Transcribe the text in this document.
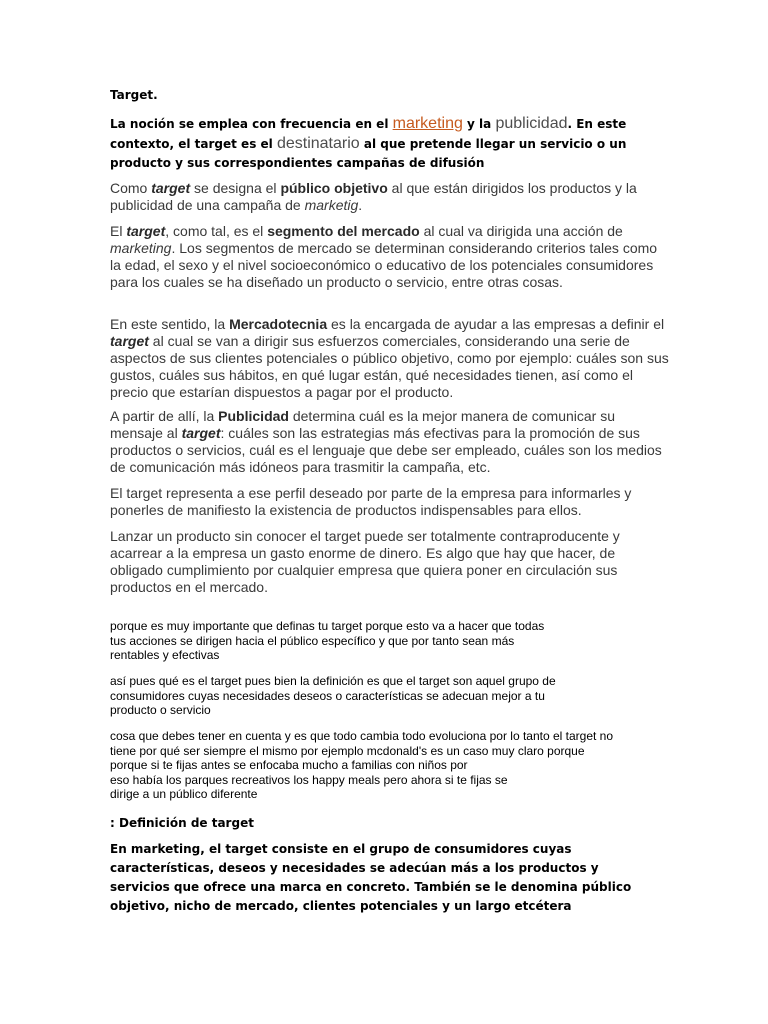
Target.

La noción se emplea con frecuencia en el marketing y la publicidad. En este contexto, el target es el destinatario al que pretende llegar un servicio o un producto y sus correspondientes campañas de difusión

Como target se designa el público objetivo al que están dirigidos los productos y la publicidad de una campaña de marketig.

El target, como tal, es el segmento del mercado al cual va dirigida una acción de marketing. Los segmentos de mercado se determinan considerando criterios tales como la edad, el sexo y el nivel socioeconómico o educativo de los potenciales consumidores para los cuales se ha diseñado un producto o servicio, entre otras cosas.

En este sentido, la Mercadotecnia es la encargada de ayudar a las empresas a definir el target al cual se van a dirigir sus esfuerzos comerciales, considerando una serie de aspectos de sus clientes potenciales o público objetivo, como por ejemplo: cuáles son sus gustos, cuáles sus hábitos, en qué lugar están, qué necesidades tienen, así como el precio que estarían dispuestos a pagar por el producto.

A partir de allí, la Publicidad determina cuál es la mejor manera de comunicar su mensaje al target: cuáles son las estrategias más efectivas para la promoción de sus productos o servicios, cuál es el lenguaje que debe ser empleado, cuáles son los medios de comunicación más idóneos para trasmitir la campaña, etc.

El target representa a ese perfil deseado por parte de la empresa para informarles y ponerles de manifiesto la existencia de productos indispensables para ellos.

Lanzar un producto sin conocer el target puede ser totalmente contraproducente y acarrear a la empresa un gasto enorme de dinero. Es algo que hay que hacer, de obligado cumplimiento por cualquier empresa que quiera poner en circulación sus productos en el mercado.

porque es muy importante que definas tu target porque esto va a hacer que todas
tus acciones se dirigen hacia el público específico y que por tanto sean más
rentables y efectivas
así pues qué es el target pues bien la definición es que el target son aquel grupo de
consumidores cuyas necesidades deseos o características se adecuan mejor a tu
producto o servicio
cosa que debes tener en cuenta y es que todo cambia todo evoluciona por lo tanto el target no
tiene por qué ser siempre el mismo por ejemplo mcdonald's es un caso muy claro porque
porque si te fijas antes se enfocaba mucho a familias con niños por
eso había los parques recreativos los happy meals pero ahora si te fijas se
dirige a un público diferente

: Definición de target

En marketing, el target consiste en el grupo de consumidores cuyas características, deseos y necesidades se adecúan más a los productos y servicios que ofrece una marca en concreto. También se le denomina público objetivo, nicho de mercado, clientes potenciales y un largo etcétera
